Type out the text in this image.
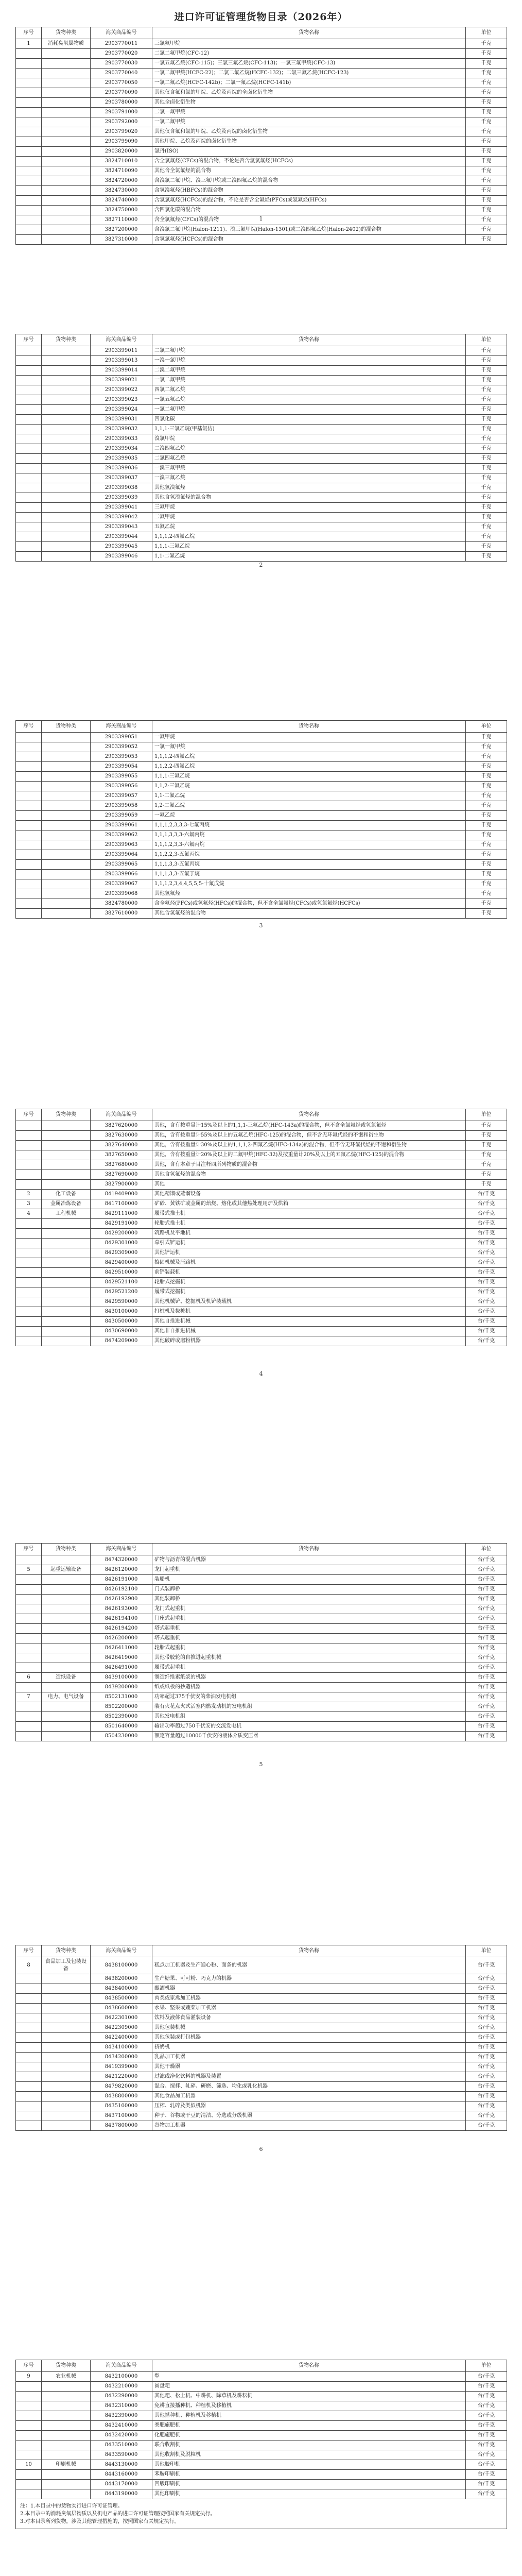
进口许可证管理货物目录（2026年）
序号	货物种类	海关商品编号	货物名称	单位
1	消耗臭氧层物质	2903770011	三氯氟甲烷	千克
		2903770020	二氯二氟甲烷(CFC-12)	千克
		2903770030	一氯五氟乙烷(CFC-115)；三氯三氟乙烷(CFC-113)；一氯三氟甲烷(CFC-13)	千克
		2903770040	一氯二氟甲烷(HCFC-22)；二氯二氟乙烷(HCFC-132)；二氯三氟乙烷(HCFC-123)	千克
		2903770050	一氯二氟乙烷(HCFC-142b)；二氯一氟乙烷(HCFC-141b)	千克
		2903770090	其他仅含氟和氯的甲烷、乙烷及丙烷的全卤化衍生物	千克
		2903780000	其他全卤化衍生物	千克
		2903791000	二氯一氟甲烷	千克
		2903792000	一氯二氟甲烷	千克
		2903799020	其他仅含氟和氯的甲烷、乙烷及丙烷的卤化衍生物	千克
		2903799090	其他甲烷、乙烷及丙烷的卤化衍生物	千克
		2903820000	氯丹(ISO)	千克
		3824710010	含全氯氟烃(CFCs)的混合物，不论是否含氢氯氟烃(HCFCs)	千克
		3824710090	其他含全氯氟烃的混合物	千克
		3824720000	含溴氯二氟甲烷、溴三氟甲烷或二溴四氟乙烷的混合物	千克
		3824730000	含氢溴氟烃(HBFCs)的混合物	千克
		3824740000	含氢氯氟烃(HCFCs)的混合物，不论是否含全氟烃(PFCs)或氢氟烃(HFCs)	千克
		3824750000	含四氯化碳的混合物	千克
		3827110000	含全氯氟烃(CFCs)的混合物	千克
		3827200000	含溴氯二氟甲烷(Halon-1211)、溴三氟甲烷(Halon-1301)或二溴四氟乙烷(Halon-2402)的混合物	千克
		3827310000	含氢氯氟烃(HCFCs)的混合物	千克
1
序号	货物种类	海关商品编号	货物名称	单位
		2903399011	二氯二氟甲烷	千克
		2903399013	一溴一氯甲烷	千克
		2903399014	二溴二氟甲烷	千克
		2903399021	一氯二氟甲烷	千克
		2903399022	四氯二氟乙烷	千克
		2903399023	一氯五氟乙烷	千克
		2903399024	一氯二氟甲烷	千克
		2903399031	四氯化碳	千克
		2903399032	1,1,1-三氯乙烷(甲基氯仿)	千克
		2903399033	溴氯甲烷	千克
		2903399034	二溴四氟乙烷	千克
		2903399035	二氯四氟乙烷	千克
		2903399036	一溴三氟甲烷	千克
		2903399037	一溴三氟乙烷	千克
		2903399038	其他氢溴氟烃	千克
		2903399039	其他含氢溴氟烃的混合物	千克
		2903399041	三氟甲烷	千克
		2903399042	二氟甲烷	千克
		2903399043	五氟乙烷	千克
		2903399044	1,1,1,2-四氟乙烷	千克
		2903399045	1,1,1-三氟乙烷	千克
		2903399046	1,1-二氟乙烷	千克
2
序号	货物种类	海关商品编号	货物名称	单位
		2903399051	一氟甲烷	千克
		2903399052	一氯一氟甲烷	千克
		2903399053	1,1,1,2-四氟乙烷	千克
		2903399054	1,1,2,2-四氟乙烷	千克
		2903399055	1,1,1-三氟乙烷	千克
		2903399056	1,1,2-三氟乙烷	千克
		2903399057	1,1-二氟乙烷	千克
		2903399058	1,2-二氟乙烷	千克
		2903399059	一氟乙烷	千克
		2903399061	1,1,1,2,3,3,3-七氟丙烷	千克
		2903399062	1,1,1,3,3,3-六氟丙烷	千克
		2903399063	1,1,1,2,3,3-六氟丙烷	千克
		2903399064	1,1,2,2,3-五氟丙烷	千克
		2903399065	1,1,1,3,3-五氟丙烷	千克
		2903399066	1,1,1,3,3-五氟丁烷	千克
		2903399067	1,1,1,2,3,4,4,5,5,5-十氟戊烷	千克
		2903399068	其他氢氟烃	千克
		3824780000	含全氟烃(PFCs)或氢氟烃(HFCs)的混合物，但不含全氯氟烃(CFCs)或氢氯氟烃(HCFCs)	千克
		3827610000	其他含氢氟烃的混合物	千克
3
序号	货物种类	海关商品编号	货物名称	单位
		3827620000	其他，含有按重量计15%及以上的1,1,1-三氟乙烷(HFC-143a)的混合物，但不含全氯氟烃或氢氯氟烃	千克
		3827630000	其他，含有按重量计55%及以上的五氟乙烷(HFC-125)的混合物，但不含无环氟代烃的不饱和衍生物	千克
		3827640000	其他，含有按重量计30%及以上的1,1,1,2-四氟乙烷(HFC-134a)的混合物，但不含无环氟代烃的不饱和衍生物	千克
		3827650000	其他，含有按重量计20%及以上的二氟甲烷(HFC-32)及按重量计20%及以上的五氟乙烷(HFC-125)的混合物	千克
		3827680000	其他，含有本章子目注释四所列物质的混合物	千克
		3827690000	其他含氢氟烃的混合物	千克
		3827900000	其他	千克
2	化工设备	8419409000	其他精馏或蒸馏设备	台/千克
3	金属冶炼设备	8417100000	矿砂、黄铁矿或金属的焙烧、熔化或其他热处理用炉及烘箱	台/千克
4	工程机械	8429111000	履带式推土机	台/千克
		8429191000	轮胎式推土机	台/千克
		8429200000	筑路机及平地机	台/千克
		8429301000	牵引式铲运机	台/千克
		8429309000	其他铲运机	台/千克
		8429400000	捣固机械及压路机	台/千克
		8429510000	前铲装载机	台/千克
		8429521100	轮胎式挖掘机	台/千克
		8429521200	履带式挖掘机	台/千克
		8429590000	其他机械铲、挖掘机及机铲装载机	台/千克
		8430100000	打桩机及拔桩机	台/千克
		8430500000	其他自推进机械	台/千克
		8430690000	其他非自推进机械	台/千克
		8474209000	其他破碎或磨粉机器	台/千克
4
序号	货物种类	海关商品编号	货物名称	单位
		8474320000	矿物与沥青的混合机器	台/千克
5	起重运输设备	8426120000	龙门起重机	台/千克
		8426191000	装船机	台/千克
		8426192100	门式装卸桥	台/千克
		8426192900	其他装卸桥	台/千克
		8426193000	龙门式起重机	台/千克
		8426194100	门座式起重机	台/千克
		8426194200	塔式起重机	台/千克
		8426200000	塔式起重机	台/千克
		8426411000	轮胎式起重机	台/千克
		8426419000	其他带胶轮的自推进起重机械	台/千克
		8426491000	履带式起重机	台/千克
6	造纸设备	8439100000	制造纤维素纸浆的机器	台/千克
		8439200000	纸或纸板的抄造机器	台/千克
7	电力、电气设备	8502131000	功率超过375千伏安的柴油发电机组	台/千克
		8502200000	装有火花点火式活塞内燃发动机的发电机组	台/千克
		8502390000	其他发电机组	台/千克
		8501640000	输出功率超过750千伏安的交流发电机	台/千克
		8504230000	额定容量超过10000千伏安的液体介质变压器	台/千克
5
序号	货物种类	海关商品编号	货物名称	单位
8	食品加工及包装设备	8438100000	糕点加工机器及生产通心粉、面条的机器	台/千克
		8438200000	生产糖果、可可粉、巧克力的机器	台/千克
		8438400000	酿酒机器	台/千克
		8438500000	肉类或家禽加工机器	台/千克
		8438600000	水果、坚果或蔬菜加工机器	台/千克
		8422301000	饮料及液体食品灌装设备	台/千克
		8422309000	其他包装机械	台/千克
		8422400000	其他包装或打包机器	台/千克
		8434100000	挤奶机	台/千克
		8434200000	乳品加工机器	台/千克
		8419399000	其他干燥器	台/千克
		8421220000	过滤或净化饮料的机器及装置	台/千克
		8479820000	混合、搅拌、轧碎、研磨、筛选、均化或乳化机器	台/千克
		8438800000	其他食品加工机器	台/千克
		8435100000	压榨、轧碎及类似机器	台/千克
		8437100000	种子、谷物或干豆的清洁、分选或分级机器	台/千克
		8437800000	谷物加工机器	台/千克
6
序号	货物种类	海关商品编号	货物名称	单位
9	农业机械	8432100000	犁	台/千克
		8432210000	圆盘耙	台/千克
		8432290000	其他耙、松土机、中耕机、除草机及耕耘机	台/千克
		8432310000	免耕直接播种机、种植机及移植机	台/千克
		8432390000	其他播种机、种植机及移植机	台/千克
		8432410000	粪肥施肥机	台/千克
		8432420000	化肥施肥机	台/千克
		8433510000	联合收割机	台/千克
		8433590000	其他收割机及脱粒机	台/千克
10	印刷机械	8443130000	其他胶印机	台/千克
		8443160000	苯胺印刷机	台/千克
		8443170000	凹版印刷机	台/千克
		8443190000	其他印刷机	台/千克

注：1.本目录中的货物实行进口许可证管理。
2.本目录中的消耗臭氧层物质以及机电产品的进口许可证管理按照国家有关规定执行。
3.对本目录所列货物，涉及其他管理措施的，按照国家有关规定执行。				
